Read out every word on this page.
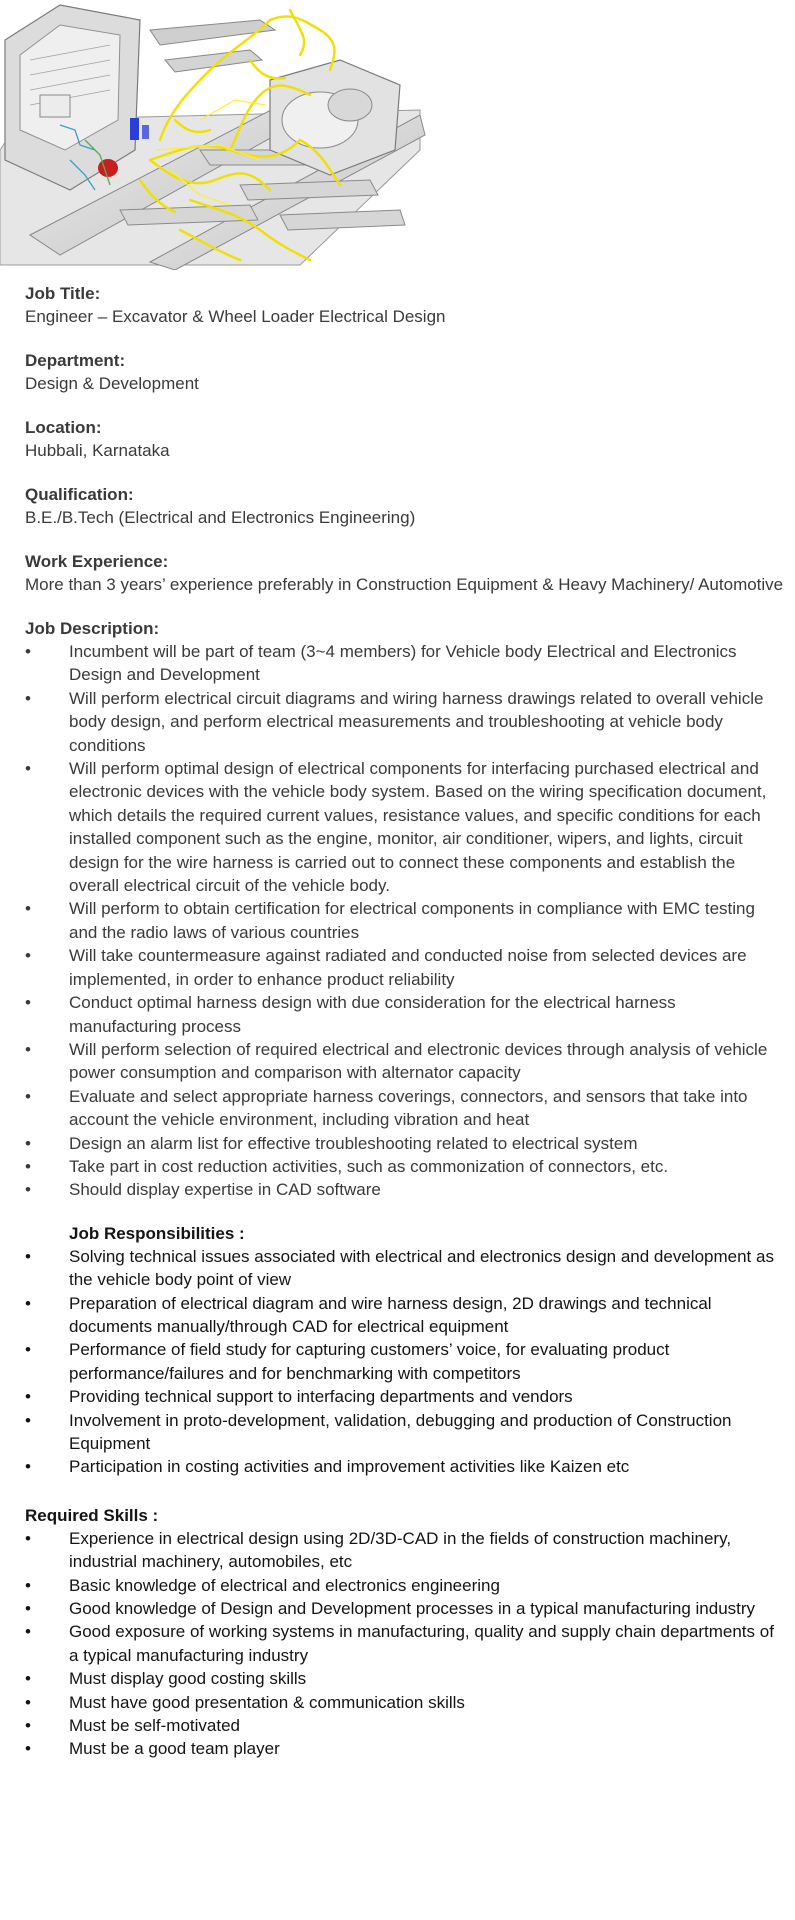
Job Title:
Engineer – Excavator & Wheel Loader Electrical Design
Department:
Design & Development
Location:
Hubbali, Karnataka
Qualification:
B.E./B.Tech (Electrical and Electronics Engineering)
Work Experience:
More than 3 years’ experience preferably in Construction Equipment & Heavy Machinery/ Automotive
Job Description:
• Incumbent will be part of team (3~4 members) for Vehicle body Electrical and Electronics Design and Development
• Will perform electrical circuit diagrams and wiring harness drawings related to overall vehicle body design, and perform electrical measurements and troubleshooting at vehicle body conditions
• Will perform optimal design of electrical components for interfacing purchased electrical and electronic devices with the vehicle body system. Based on the wiring specification document, which details the required current values, resistance values, and specific conditions for each installed component such as the engine, monitor, air conditioner, wipers, and lights, circuit design for the wire harness is carried out to connect these components and establish the overall electrical circuit of the vehicle body.
• Will perform to obtain certification for electrical components in compliance with EMC testing and the radio laws of various countries
• Will take countermeasure against radiated and conducted noise from selected devices are implemented, in order to enhance product reliability
• Conduct optimal harness design with due consideration for the electrical harness manufacturing process
• Will perform selection of required electrical and electronic devices through analysis of vehicle power consumption and comparison with alternator capacity
• Evaluate and select appropriate harness coverings, connectors, and sensors that take into account the vehicle environment, including vibration and heat
• Design an alarm list for effective troubleshooting related to electrical system
• Take part in cost reduction activities, such as commonization of connectors, etc.
• Should display expertise in CAD software
Job Responsibilities :
• Solving technical issues associated with electrical and electronics design and development as the vehicle body point of view
• Preparation of electrical diagram and wire harness design, 2D drawings and technical documents manually/through CAD for electrical equipment
• Performance of field study for capturing customers’ voice, for evaluating product performance/failures and for benchmarking with competitors
• Providing technical support to interfacing departments and vendors
• Involvement in proto-development, validation, debugging and production of Construction Equipment
• Participation in costing activities and improvement activities like Kaizen etc
Required Skills :
• Experience in electrical design using 2D/3D-CAD in the fields of construction machinery, industrial machinery, automobiles, etc
• Basic knowledge of electrical and electronics engineering
• Good knowledge of Design and Development processes in a typical manufacturing industry
• Good exposure of working systems in manufacturing, quality and supply chain departments of a typical manufacturing industry
• Must display good costing skills
• Must have good presentation & communication skills
• Must be self-motivated
• Must be a good team player
